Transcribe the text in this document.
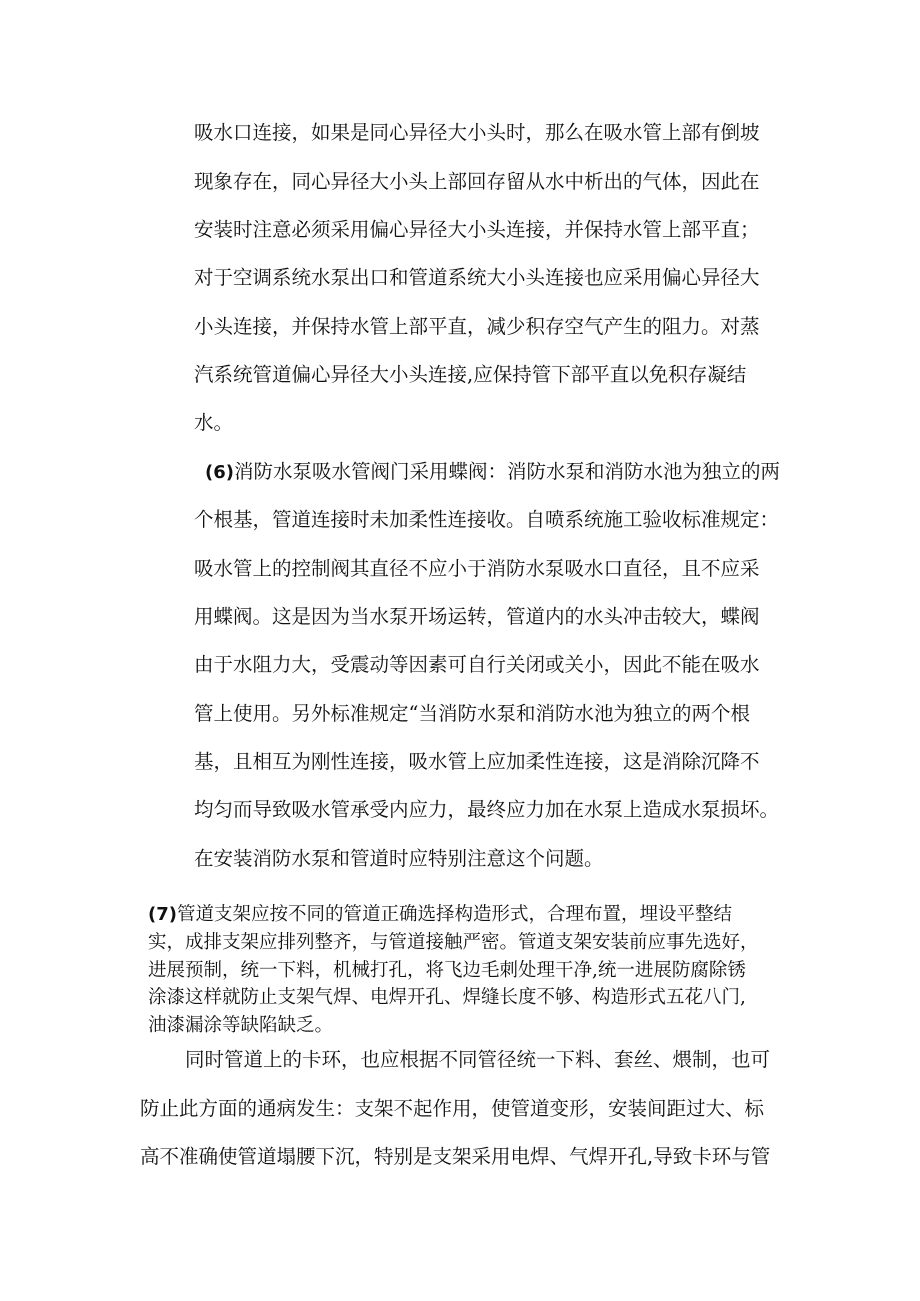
吸水口连接，如果是同心异径大小头时，那么在吸水管上部有倒坡
现象存在，同心异径大小头上部回存留从水中析出的气体，因此在
安装时注意必须采用偏心异径大小头连接，并保持水管上部平直；
对于空调系统水泵出口和管道系统大小头连接也应采用偏心异径大
小头连接，并保持水管上部平直，减少积存空气产生的阻力。对蒸
汽系统管道偏心异径大小头连接,应保持管下部平直以免积存凝结
水。
(6)消防水泵吸水管阀门采用蝶阀：消防水泵和消防水池为独立的两
个根基，管道连接时未加柔性连接收。自喷系统施工验收标准规定：
吸水管上的控制阀其直径不应小于消防水泵吸水口直径，且不应采
用蝶阀。这是因为当水泵开场运转，管道内的水头冲击较大，蝶阀
由于水阻力大，受震动等因素可自行关闭或关小，因此不能在吸水
管上使用。另外标准规定“当消防水泵和消防水池为独立的两个根
基，且相互为刚性连接，吸水管上应加柔性连接，这是消除沉降不
均匀而导致吸水管承受内应力，最终应力加在水泵上造成水泵损坏。
在安装消防水泵和管道时应特别注意这个问题。
(7)管道支架应按不同的管道正确选择构造形式，合理布置，埋设平整结
实，成排支架应排列整齐，与管道接触严密。管道支架安装前应事先选好，
进展预制，统一下料，机械打孔，将飞边毛刺处理干净,统一进展防腐除锈
涂漆这样就防止支架气焊、电焊开孔、焊缝长度不够、构造形式五花八门,
油漆漏涂等缺陷缺乏。
同时管道上的卡环，也应根据不同管径统一下料、套丝、煨制，也可
防止此方面的通病发生：支架不起作用，使管道变形，安装间距过大、标
高不准确使管道塌腰下沉，特别是支架采用电焊、气焊开孔,导致卡环与管
